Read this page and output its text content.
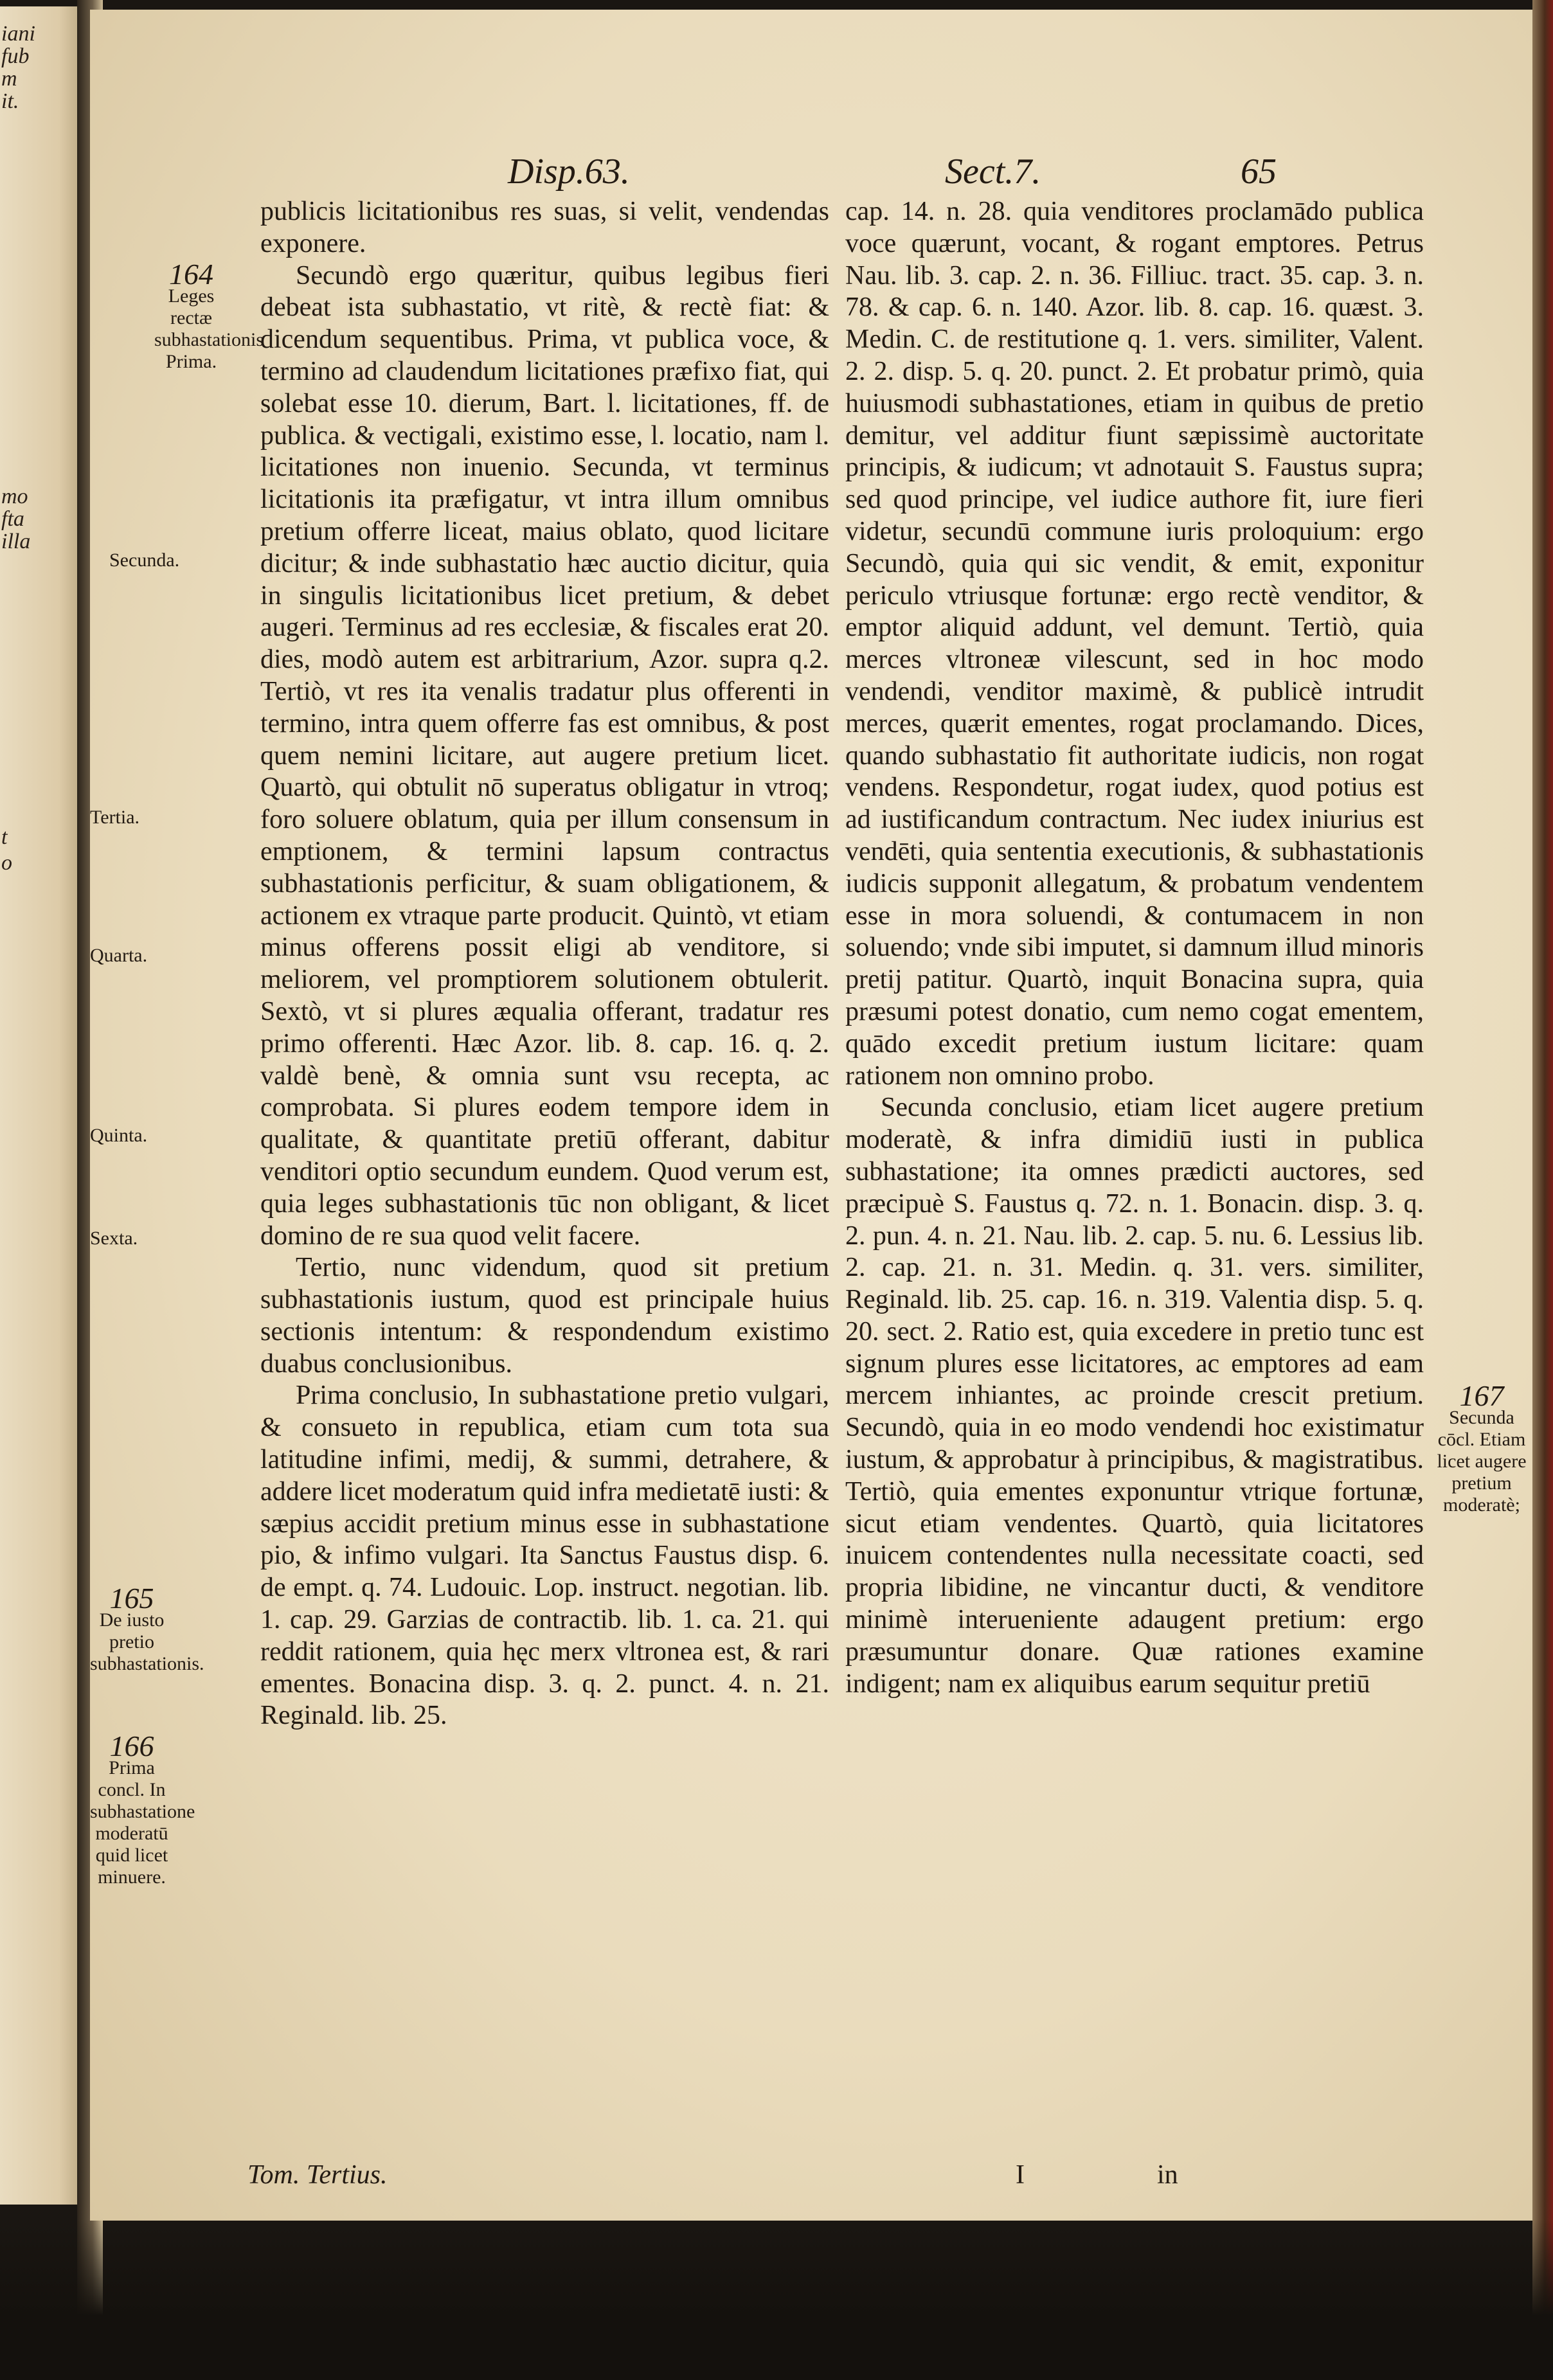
iani
fub
m
it.
mo
fta
illa
t
o
Disp.63.	Sect.7.	65
164
Leges rectæ subhastationis Prima.
Secunda.
Tertia.
Quarta.
Quinta.
Sexta.
165
De iusto pretio subhastationis.
166
Prima concl. In subhastatione moderatū quid licet minuere.
167
Secunda cōcl. Etiam licet augere pretium moderatè;

publicis licitationibus res suas, si velit, vendendas exponere.

Secundò ergo quæritur, quibus legibus fieri debeat ista subhastatio, vt ritè, & rectè fiat: & dicendum sequentibus. Prima, vt publica voce, & termino ad claudendum licitationes præfixo fiat, qui solebat esse 10. dierum, Bart. l. licitationes, ff. de publica. & vectigali, existimo esse, l. locatio, nam l. licitationes non inuenio. Secunda, vt terminus licitationis ita præfigatur, vt intra illum omnibus pretium offerre liceat, maius oblato, quod licitare dicitur; & inde subhastatio hæc auctio dicitur, quia in singulis licitationibus licet pretium, & debet augeri. Terminus ad res ecclesiæ, & fiscales erat 20. dies, modò autem est arbitrarium, Azor. supra q.2. Tertiò, vt res ita venalis tradatur plus offerenti in termino, intra quem offerre fas est omnibus, & post quem nemini licitare, aut augere pretium licet. Quartò, qui obtulit nō superatus obligatur in vtroq; foro soluere oblatum, quia per illum consensum in emptionem, & termini lapsum contractus subhastationis perficitur, & suam obligationem, & actionem ex vtraque parte producit. Quintò, vt etiam minus offerens possit eligi ab venditore, si meliorem, vel promptiorem solutionem obtulerit. Sextò, vt si plures æqualia offerant, tradatur res primo offerenti. Hæc Azor. lib. 8. cap. 16. q. 2. valdè benè, & omnia sunt vsu recepta, ac comprobata. Si plures eodem tempore idem in qualitate, & quantitate pretiū offerant, dabitur venditori optio secundum eundem. Quod verum est, quia leges subhastationis tūc non obligant, & licet domino de re sua quod velit facere.

Tertio, nunc videndum, quod sit pretium subhastationis iustum, quod est principale huius sectionis intentum: & respondendum existimo duabus conclusionibus.

Prima conclusio, In subhastatione pretio vulgari, & consueto in republica, etiam cum tota sua latitudine infimi, medij, & summi, detrahere, & addere licet moderatum quid infra medietatē iusti: & sæpius accidit pretium minus esse in subhastatione pio, & infimo vulgari. Ita Sanctus Faustus disp. 6. de empt. q. 74. Ludouic. Lop. instruct. negotian. lib. 1. cap. 29. Garzias de contractib. lib. 1. ca. 21. qui reddit rationem, quia hęc merx vltronea est, & rari ementes. Bonacina disp. 3. q. 2. punct. 4. n. 21. Reginald. lib. 25.

cap. 14. n. 28. quia venditores proclamādo publica voce quærunt, vocant, & rogant emptores. Petrus Nau. lib. 3. cap. 2. n. 36. Filliuc. tract. 35. cap. 3. n. 78. & cap. 6. n. 140. Azor. lib. 8. cap. 16. quæst. 3. Medin. C. de restitutione q. 1. vers. similiter, Valent. 2. 2. disp. 5. q. 20. punct. 2. Et probatur primò, quia huiusmodi subhastationes, etiam in quibus de pretio demitur, vel additur fiunt sæpissimè auctoritate principis, & iudicum; vt adnotauit S. Faustus supra; sed quod principe, vel iudice authore fit, iure fieri videtur, secundū commune iuris proloquium: ergo Secundò, quia qui sic vendit, & emit, exponitur periculo vtriusque fortunæ: ergo rectè venditor, & emptor aliquid addunt, vel demunt. Tertiò, quia merces vltroneæ vilescunt, sed in hoc modo vendendi, venditor maximè, & publicè intrudit merces, quærit ementes, rogat proclamando. Dices, quando subhastatio fit authoritate iudicis, non rogat vendens. Respondetur, rogat iudex, quod potius est ad iustificandum contractum. Nec iudex iniurius est vendēti, quia sententia executionis, & subhastationis iudicis supponit allegatum, & probatum vendentem esse in mora soluendi, & contumacem in non soluendo; vnde sibi imputet, si damnum illud minoris pretij patitur. Quartò, inquit Bonacina supra, quia præsumi potest donatio, cum nemo cogat ementem, quādo excedit pretium iustum licitare: quam rationem non omnino probo.

Secunda conclusio, etiam licet augere pretium moderatè, & infra dimidiū iusti in publica subhastatione; ita omnes prædicti auctores, sed præcipuè S. Faustus q. 72. n. 1. Bonacin. disp. 3. q. 2. pun. 4. n. 21. Nau. lib. 2. cap. 5. nu. 6. Lessius lib. 2. cap. 21. n. 31. Medin. q. 31. vers. similiter, Reginald. lib. 25. cap. 16. n. 319. Valentia disp. 5. q. 20. sect. 2. Ratio est, quia excedere in pretio tunc est signum plures esse licitatores, ac emptores ad eam mercem inhiantes, ac proinde crescit pretium. Secundò, quia in eo modo vendendi hoc existimatur iustum, & approbatur à principibus, & magistratibus. Tertiò, quia ementes exponuntur vtrique fortunæ, sicut etiam vendentes. Quartò, quia licitatores inuicem contendentes nulla necessitate coacti, sed propria libidine, ne vincantur ducti, & venditore minimè interueniente adaugent pretium: ergo præsumuntur donare. Quæ rationes examine indigent; nam ex aliquibus earum sequitur pretiū

Tom. Tertius.	I	in
